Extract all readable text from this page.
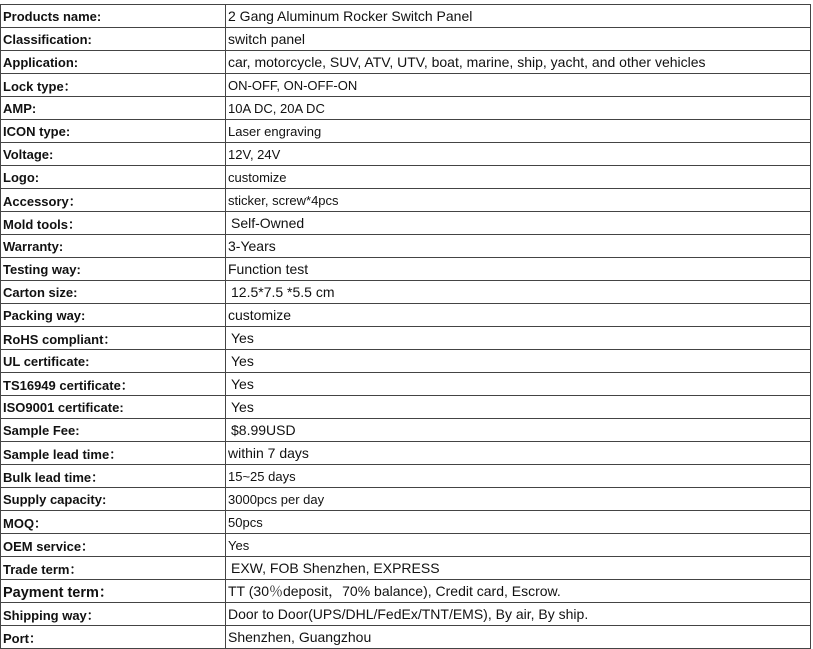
Products name:	2 Gang Aluminum Rocker Switch Panel
Classification:	switch panel
Application:	car, motorcycle, SUV, ATV, UTV, boat, marine, ship, yacht, and other vehicles
Lock type：	ON-OFF, ON-OFF-ON
AMP:	10A DC, 20A DC
ICON type:	Laser engraving
Voltage:	12V, 24V
Logo:	customize
Accessory：	sticker, screw*4pcs
Mold tools：	Self-Owned
Warranty:	3-Years
Testing way:	Function test
Carton size:	12.5*7.5 *5.5 cm
Packing way:	customize
RoHS compliant：	Yes
UL certificate:	Yes
TS16949 certificate：	Yes
ISO9001 certificate:	Yes
Sample Fee:	$8.99USD
Sample lead time：	within 7 days
Bulk lead time：	15~25 days
Supply capacity:	3000pcs per day
MOQ：	50pcs
OEM service：	Yes
Trade term：	EXW, FOB Shenzhen, EXPRESS
Payment term：	TT (30％deposit，70% balance), Credit card, Escrow.
Shipping way：	Door to Door(UPS/DHL/FedEx/TNT/EMS), By air, By ship.
Port：	Shenzhen, Guangzhou
